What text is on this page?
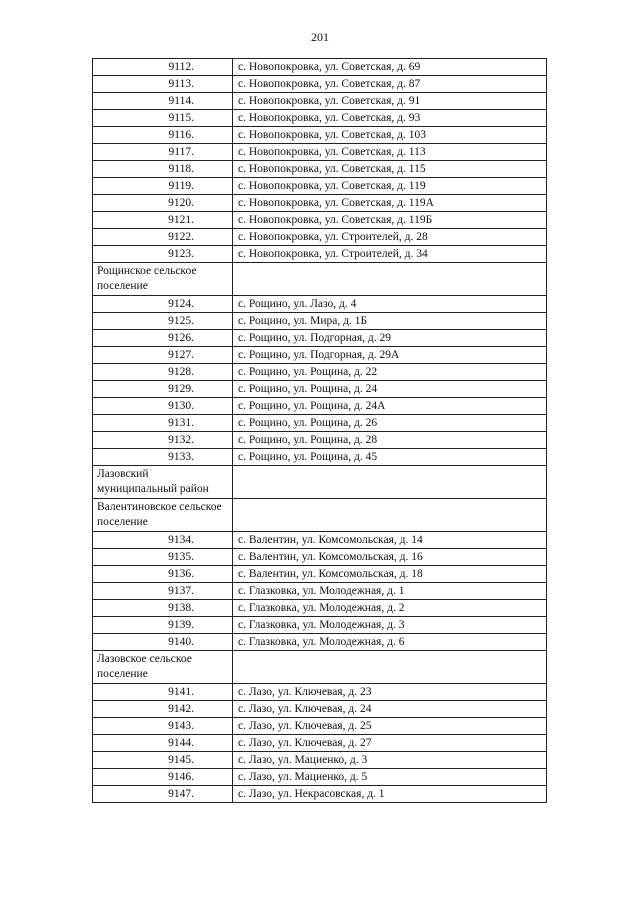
201
9112.	с. Новопокровка, ул. Советская, д. 69
9113.	с. Новопокровка, ул. Советская, д. 87
9114.	с. Новопокровка, ул. Советская, д. 91
9115.	с. Новопокровка, ул. Советская, д. 93
9116.	с. Новопокровка, ул. Советская, д. 103
9117.	с. Новопокровка, ул. Советская, д. 113
9118.	с. Новопокровка, ул. Советская, д. 115
9119.	с. Новопокровка, ул. Советская, д. 119
9120.	с. Новопокровка, ул. Советская, д. 119А
9121.	с. Новопокровка, ул. Советская, д. 119Б
9122.	с. Новопокровка, ул. Строителей, д. 28
9123.	с. Новопокровка, ул. Строителей, д. 34
Рощинское сельское поселение	
9124.	с. Рощино, ул. Лазо, д. 4
9125.	с. Рощино, ул. Мира, д. 1Б
9126.	с. Рощино, ул. Подгорная, д. 29
9127.	с. Рощино, ул. Подгорная, д. 29А
9128.	с. Рощино, ул. Рощина, д. 22
9129.	с. Рощино, ул. Рощина, д. 24
9130.	с. Рощино, ул. Рощина, д. 24А
9131.	с. Рощино, ул. Рощина, д. 26
9132.	с. Рощино, ул. Рощина, д. 28
9133.	с. Рощино, ул. Рощина, д. 45
Лазовский муниципальный район	
Валентиновское сельское поселение	
9134.	с. Валентин, ул. Комсомольская, д. 14
9135.	с. Валентин, ул. Комсомольская, д. 16
9136.	с. Валентин, ул. Комсомольская, д. 18
9137.	с. Глазковка, ул. Молодежная, д. 1
9138.	с. Глазковка, ул. Молодежная, д. 2
9139.	с. Глазковка, ул. Молодежная, д. 3
9140.	с. Глазковка, ул. Молодежная, д. 6
Лазовское сельское поселение	
9141.	с. Лазо, ул. Ключевая, д. 23
9142.	с. Лазо, ул. Ключевая, д. 24
9143.	с. Лазо, ул. Ключевая, д. 25
9144.	с. Лазо, ул. Ключевая, д. 27
9145.	с. Лазо, ул. Мациенко, д. 3
9146.	с. Лазо, ул. Мациенко, д. 5
9147.	с. Лазо, ул. Некрасовская, д. 1
